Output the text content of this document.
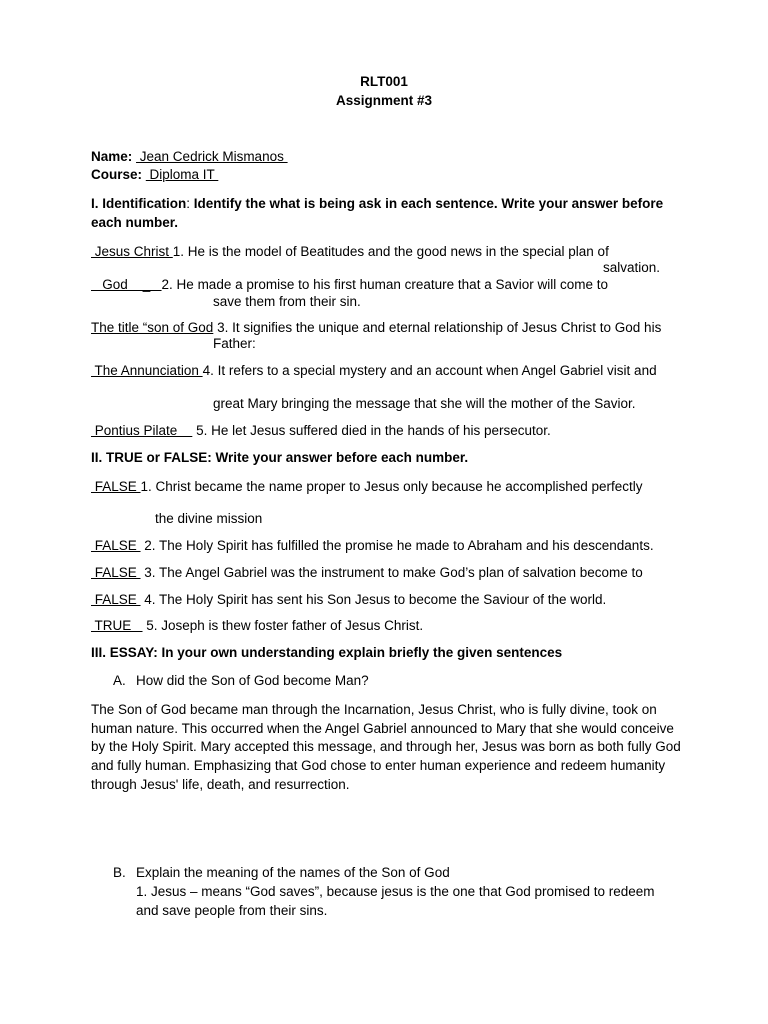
RLT001
Assignment #3
Name:  Jean Cedrick Mismanos
Course:  Diploma IT
I. Identification: Identify the what is being ask in each sentence. Write your answer before
each number.
Jesus Christ 1. He is the model of Beatitudes and the good news in the special plan of
salvation.
God    _   2. He made a promise to his first human creature that a Savior will come to
save them from their sin.
The title “son of God 3. It signifies the unique and eternal relationship of Jesus Christ to God his
Father:
The Annunciation 4. It refers to a special mystery and an account when Angel Gabriel visit and
great Mary bringing the message that she will the mother of the Savior.
Pontius Pilate     5. He let Jesus suffered died in the hands of his persecutor.
II. TRUE or FALSE: Write your answer before each number.
FALSE 1. Christ became the name proper to Jesus only because he accomplished perfectly
the divine mission
FALSE  2. The Holy Spirit has fulfilled the promise he made to Abraham and his descendants.
FALSE  3. The Angel Gabriel was the instrument to make God’s plan of salvation become to
FALSE  4. The Holy Spirit has sent his Son Jesus to become the Saviour of the world.
TRUE    5. Joseph is thew foster father of Jesus Christ.
III. ESSAY: In your own understanding explain briefly the given sentences
A. How did the Son of God become Man?
The Son of God became man through the Incarnation, Jesus Christ, who is fully divine, took on human nature. This occurred when the Angel Gabriel announced to Mary that she would conceive by the Holy Spirit. Mary accepted this message, and through her, Jesus was born as both fully God and fully human. Emphasizing that God chose to enter human experience and redeem humanity through Jesus' life, death, and resurrection.
B. Explain the meaning of the names of the Son of God
1. Jesus – means “God saves”, because jesus is the one that God promised to redeem and save people from their sins.
